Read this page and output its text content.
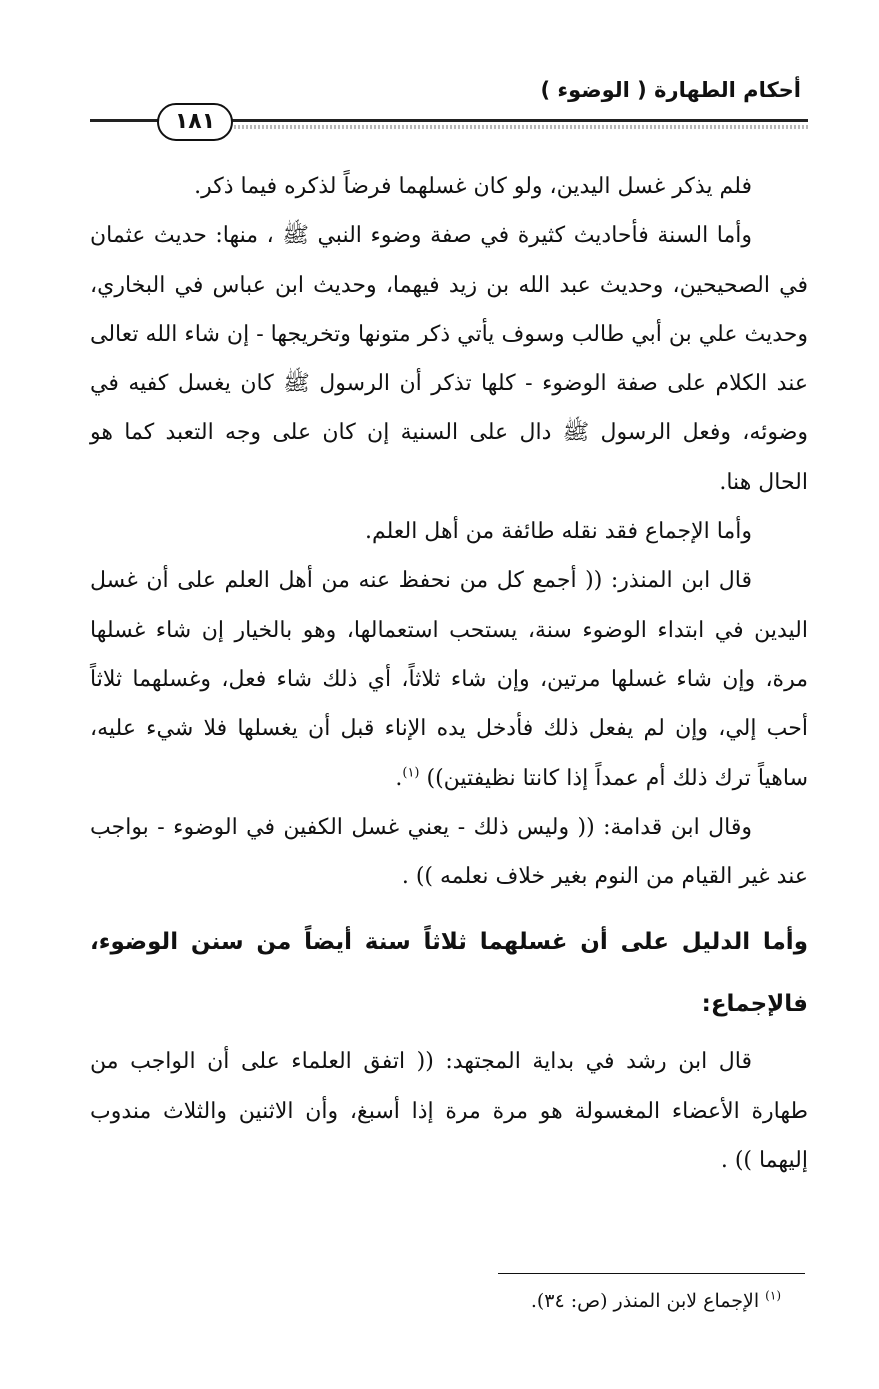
أحكام الطهارة ( الوضوء )
١٨١

فلم يذكر غسل اليدين، ولو كان غسلهما فرضاً لذكره فيما ذكر.

وأما السنة فأحاديث كثيرة في صفة وضوء النبي ﷺ ، منها: حديث عثمان في الصحيحين، وحديث عبد الله بن زيد فيهما، وحديث ابن عباس في البخاري، وحديث علي بن أبي طالب وسوف يأتي ذكر متونها وتخريجها - إن شاء الله تعالى عند الكلام على صفة الوضوء - كلها تذكر أن الرسول ﷺ كان يغسل كفيه في وضوئه، وفعل الرسول ﷺ دال على السنية إن كان على وجه التعبد كما هو الحال هنا.

وأما الإجماع فقد نقله طائفة من أهل العلم.

قال ابن المنذر: (( أجمع كل من نحفظ عنه من أهل العلم على أن غسل اليدين في ابتداء الوضوء سنة، يستحب استعمالها، وهو بالخيار إن شاء غسلها مرة، وإن شاء غسلها مرتين، وإن شاء ثلاثاً، أي ذلك شاء فعل، وغسلهما ثلاثاً أحب إلي، وإن لم يفعل ذلك فأدخل يده الإناء قبل أن يغسلها فلا شيء عليه، ساهياً ترك ذلك أم عمداً إذا كانتا نظيفتين)) $^{(١)}$.

وقال ابن قدامة: (( وليس ذلك - يعني غسل الكفين في الوضوء - بواجب عند غير القيام من النوم بغير خلاف نعلمه )) .

وأما الدليل على أن غسلهما ثلاثاً سنة أيضاً من سنن الوضوء، فالإجماع:

قال ابن رشد في بداية المجتهد: (( اتفق العلماء على أن الواجب من طهارة الأعضاء المغسولة هو مرة مرة إذا أسبغ، وأن الاثنين والثلاث مندوب إليهما )) .

$^{(١)}$ الإجماع لابن المنذر (ص: ٣٤).
